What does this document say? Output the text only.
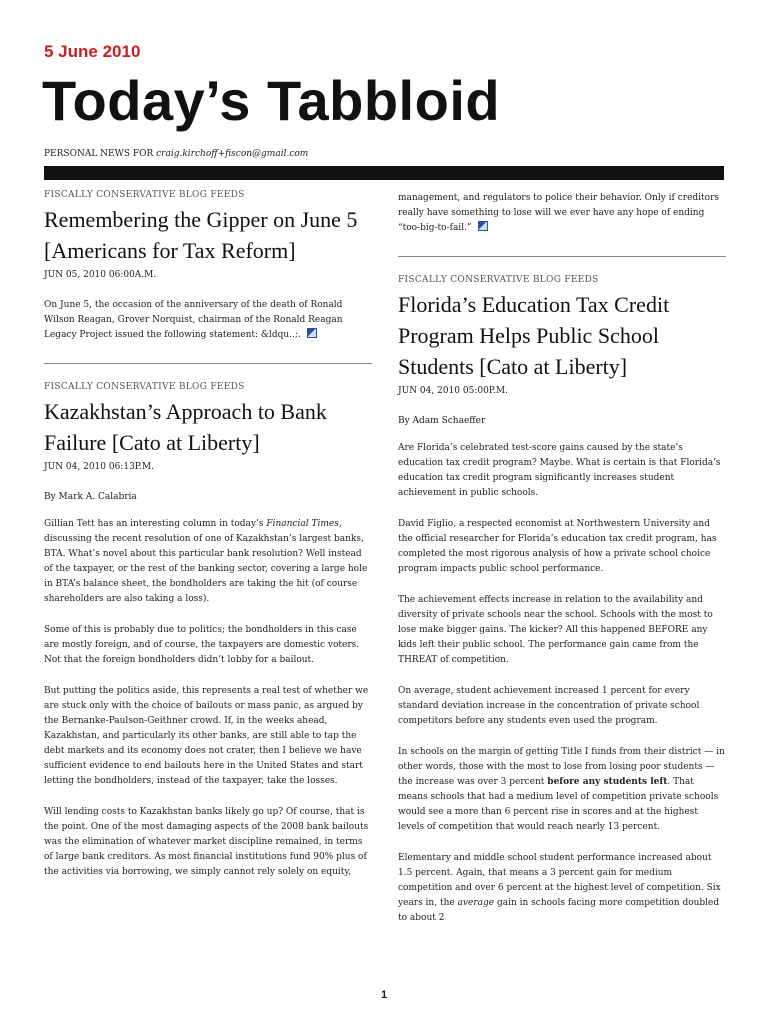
5 June 2010
Today’s Tabbloid
PERSONAL NEWS FOR craig.kirchoff+fiscon@gmail.com
FISCALLY CONSERVATIVE BLOG FEEDS
Remembering the Gipper on June 5 [Americans for Tax Reform]
JUN 05, 2010 06:00A.M.

On June 5, the occasion of the anniversary of the death of Ronald Wilson Reagan, Grover Norquist, chairman of the Ronald Reagan Legacy Project issued the following statement: &ldqu..;.

FISCALLY CONSERVATIVE BLOG FEEDS
Kazakhstan’s Approach to Bank Failure [Cato at Liberty]
JUN 04, 2010 06:13P.M.

By Mark A. Calabria

Gillian Tett has an interesting column in today’s Financial Times, discussing the recent resolution of one of Kazakhstan’s largest banks, BTA. What’s novel about this particular bank resolution? Well instead of the taxpayer, or the rest of the banking sector, covering a large hole in BTA’s balance sheet, the bondholders are taking the hit (of course shareholders are also taking a loss).

Some of this is probably due to politics; the bondholders in this case are mostly foreign, and of course, the taxpayers are domestic voters. Not that the foreign bondholders didn’t lobby for a bailout.

But putting the politics aside, this represents a real test of whether we are stuck only with the choice of bailouts or mass panic, as argued by the Bernanke-Paulson-Geithner crowd. If, in the weeks ahead, Kazakhstan, and particularly its other banks, are still able to tap the debt markets and its economy does not crater, then I believe we have sufficient evidence to end bailouts here in the United States and start letting the bondholders, instead of the taxpayer, take the losses.

Will lending costs to Kazakhstan banks likely go up? Of course, that is the point. One of the most damaging aspects of the 2008 bank bailouts was the elimination of whatever market discipline remained, in terms of large bank creditors. As most financial institutions fund 90% plus of the activities via borrowing, we simply cannot rely solely on equity,

management, and regulators to police their behavior. Only if creditors really have something to lose will we ever have any hope of ending “too-big-to-fail.”

FISCALLY CONSERVATIVE BLOG FEEDS
Florida’s Education Tax Credit Program Helps Public School Students [Cato at Liberty]
JUN 04, 2010 05:00P.M.

By Adam Schaeffer

Are Florida’s celebrated test-score gains caused by the state’s education tax credit program? Maybe. What is certain is that Florida’s education tax credit program significantly increases student achievement in public schools.

David Figlio, a respected economist at Northwestern University and the official researcher for Florida’s education tax credit program, has completed the most rigorous analysis of how a private school choice program impacts public school performance.

The achievement effects increase in relation to the availability and diversity of private schools near the school. Schools with the most to lose make bigger gains. The kicker? All this happened BEFORE any kids left their public school. The performance gain came from the THREAT of competition.

On average, student achievement increased 1 percent for every standard deviation increase in the concentration of private school competitors before any students even used the program.

In schools on the margin of getting Title I funds from their district — in other words, those with the most to lose from losing poor students — the increase was over 3 percent before any students left. That means schools that had a medium level of competition private schools would see a more than 6 percent rise in scores and at the highest levels of competition that would reach nearly 13 percent.

Elementary and middle school student performance increased about 1.5 percent. Again, that means a 3 percent gain for medium competition and over 6 percent at the highest level of competition. Six years in, the average gain in schools facing more competition doubled to about 2

1
